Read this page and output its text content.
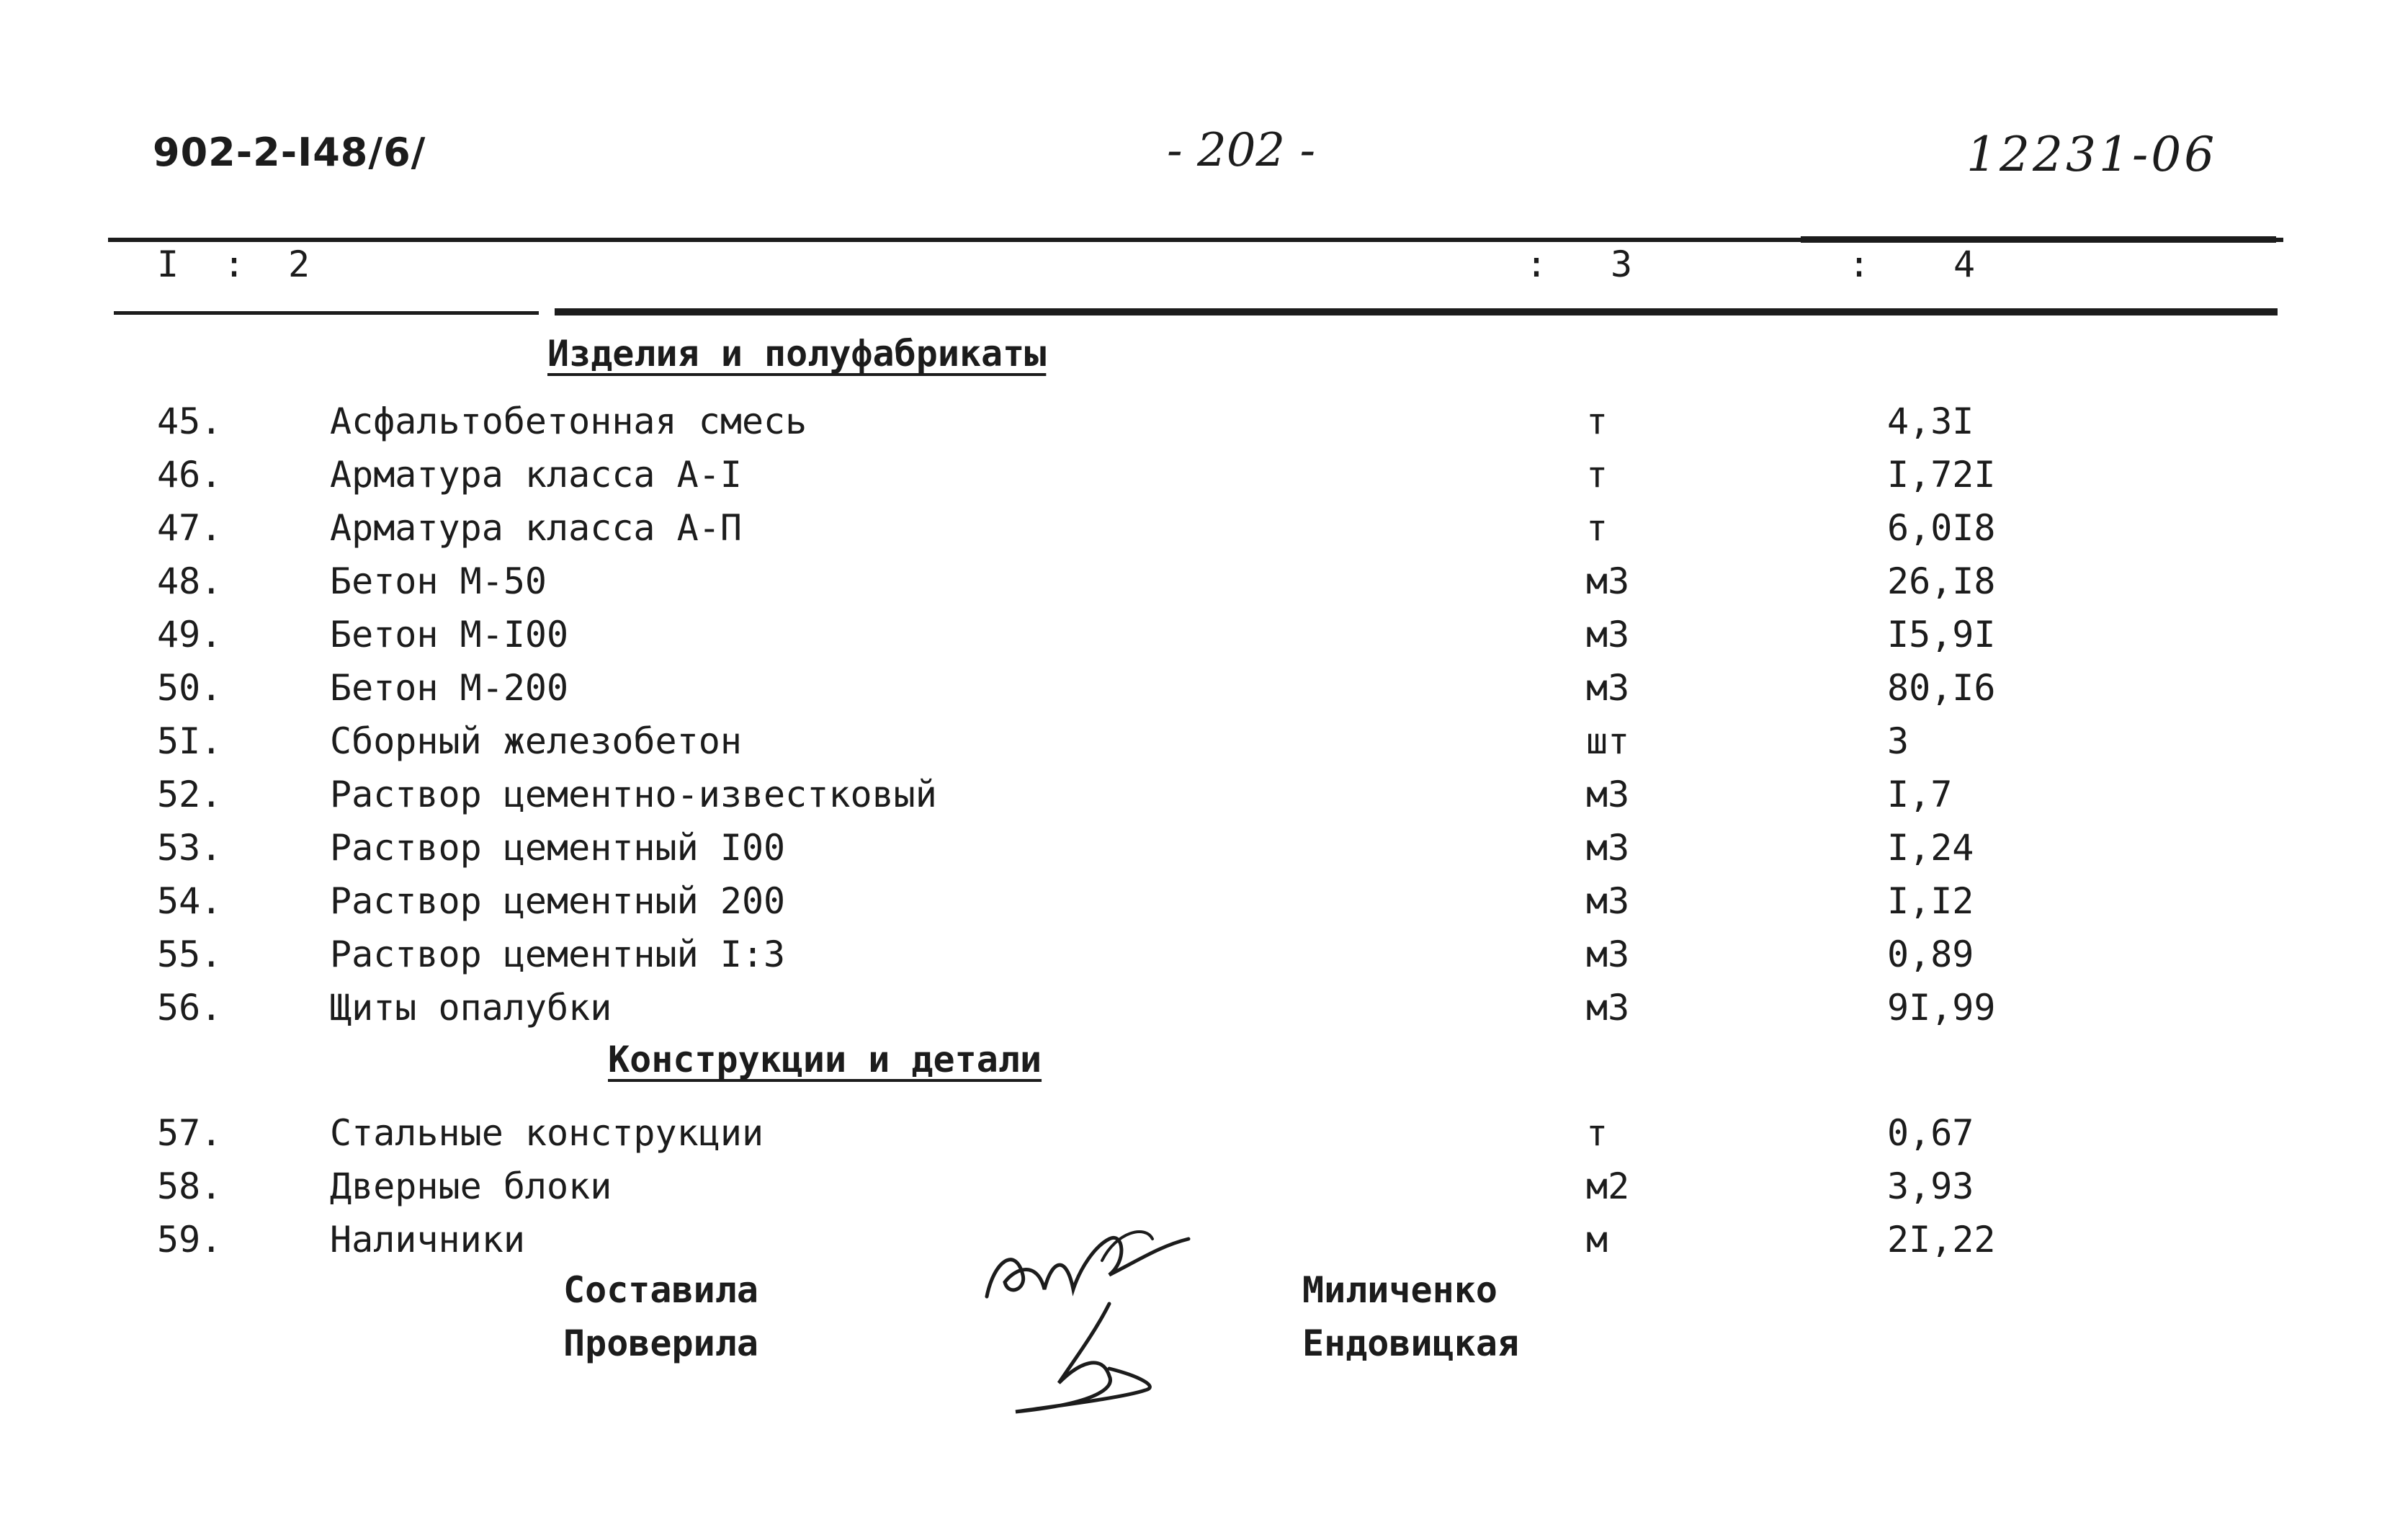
902-2-I48/6/	- 202 -	12231-06
I : 2	: 3	: 4
Изделия и полуфабрикаты
45.	Асфальтобетонная смесь	т	4,3I
46.	Арматура класса А-I	т	I,72I
47.	Арматура класса А-П	т	6,0I8
48.	Бетон М-50	м3	26,I8
49.	Бетон М-I00	м3	I5,9I
50.	Бетон М-200	м3	80,I6
5I.	Сборный железобетон	шт	3
52.	Раствор цементно-известковый	м3	I,7
53.	Раствор цементный I00	м3	I,24
54.	Раствор цементный 200	м3	I,I2
55.	Раствор цементный I:3	м3	0,89
56.	Щиты опалубки	м3	9I,99
Конструкции и детали
57.	Стальные конструкции	т	0,67
58.	Дверные блоки	м2	3,93
59.	Наличники	м	2I,22
Составила	Миличенко
Проверила	Ендовицкая
